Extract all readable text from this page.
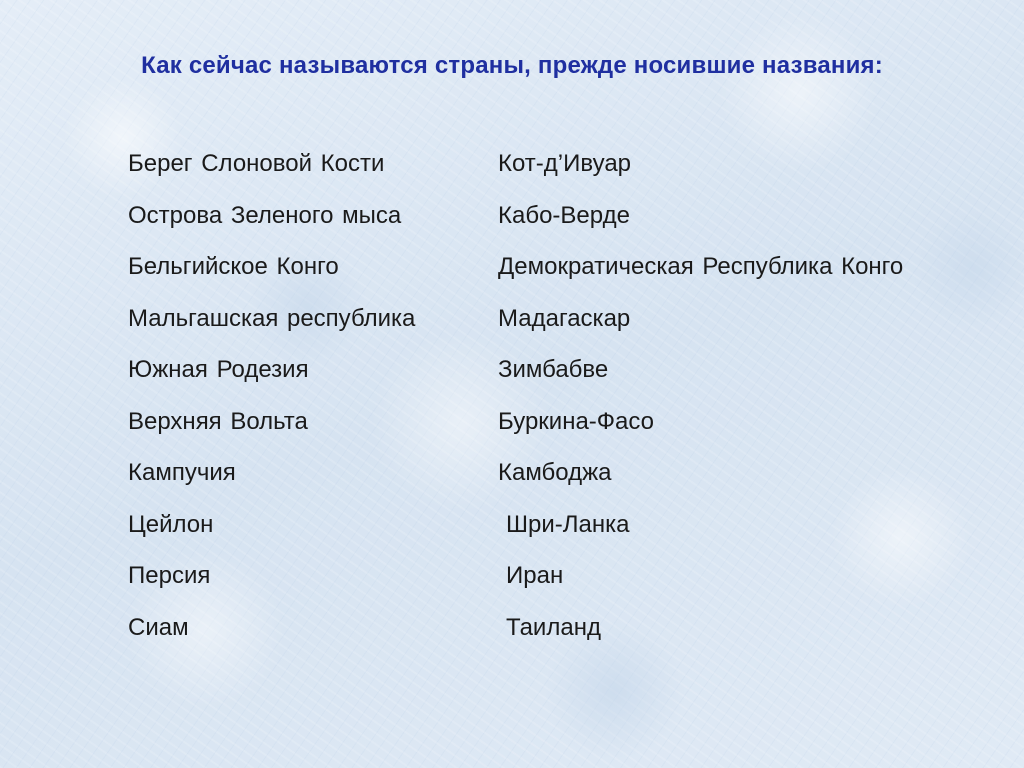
Как сейчас называются страны, прежде носившие названия:
Берег Слоновой Кости
Острова Зеленого мыса
Бельгийское Конго
Мальгашская республика
Южная Родезия
Верхняя Вольта
Кампучия
Цейлон
Персия
Сиам
Кот-д’Ивуар
Кабо-Верде
Демократическая Республика Конго
Мадагаскар
Зимбабве
Буркина-Фасо
Камбоджа
Шри-Ланка
Иран
Таиланд
